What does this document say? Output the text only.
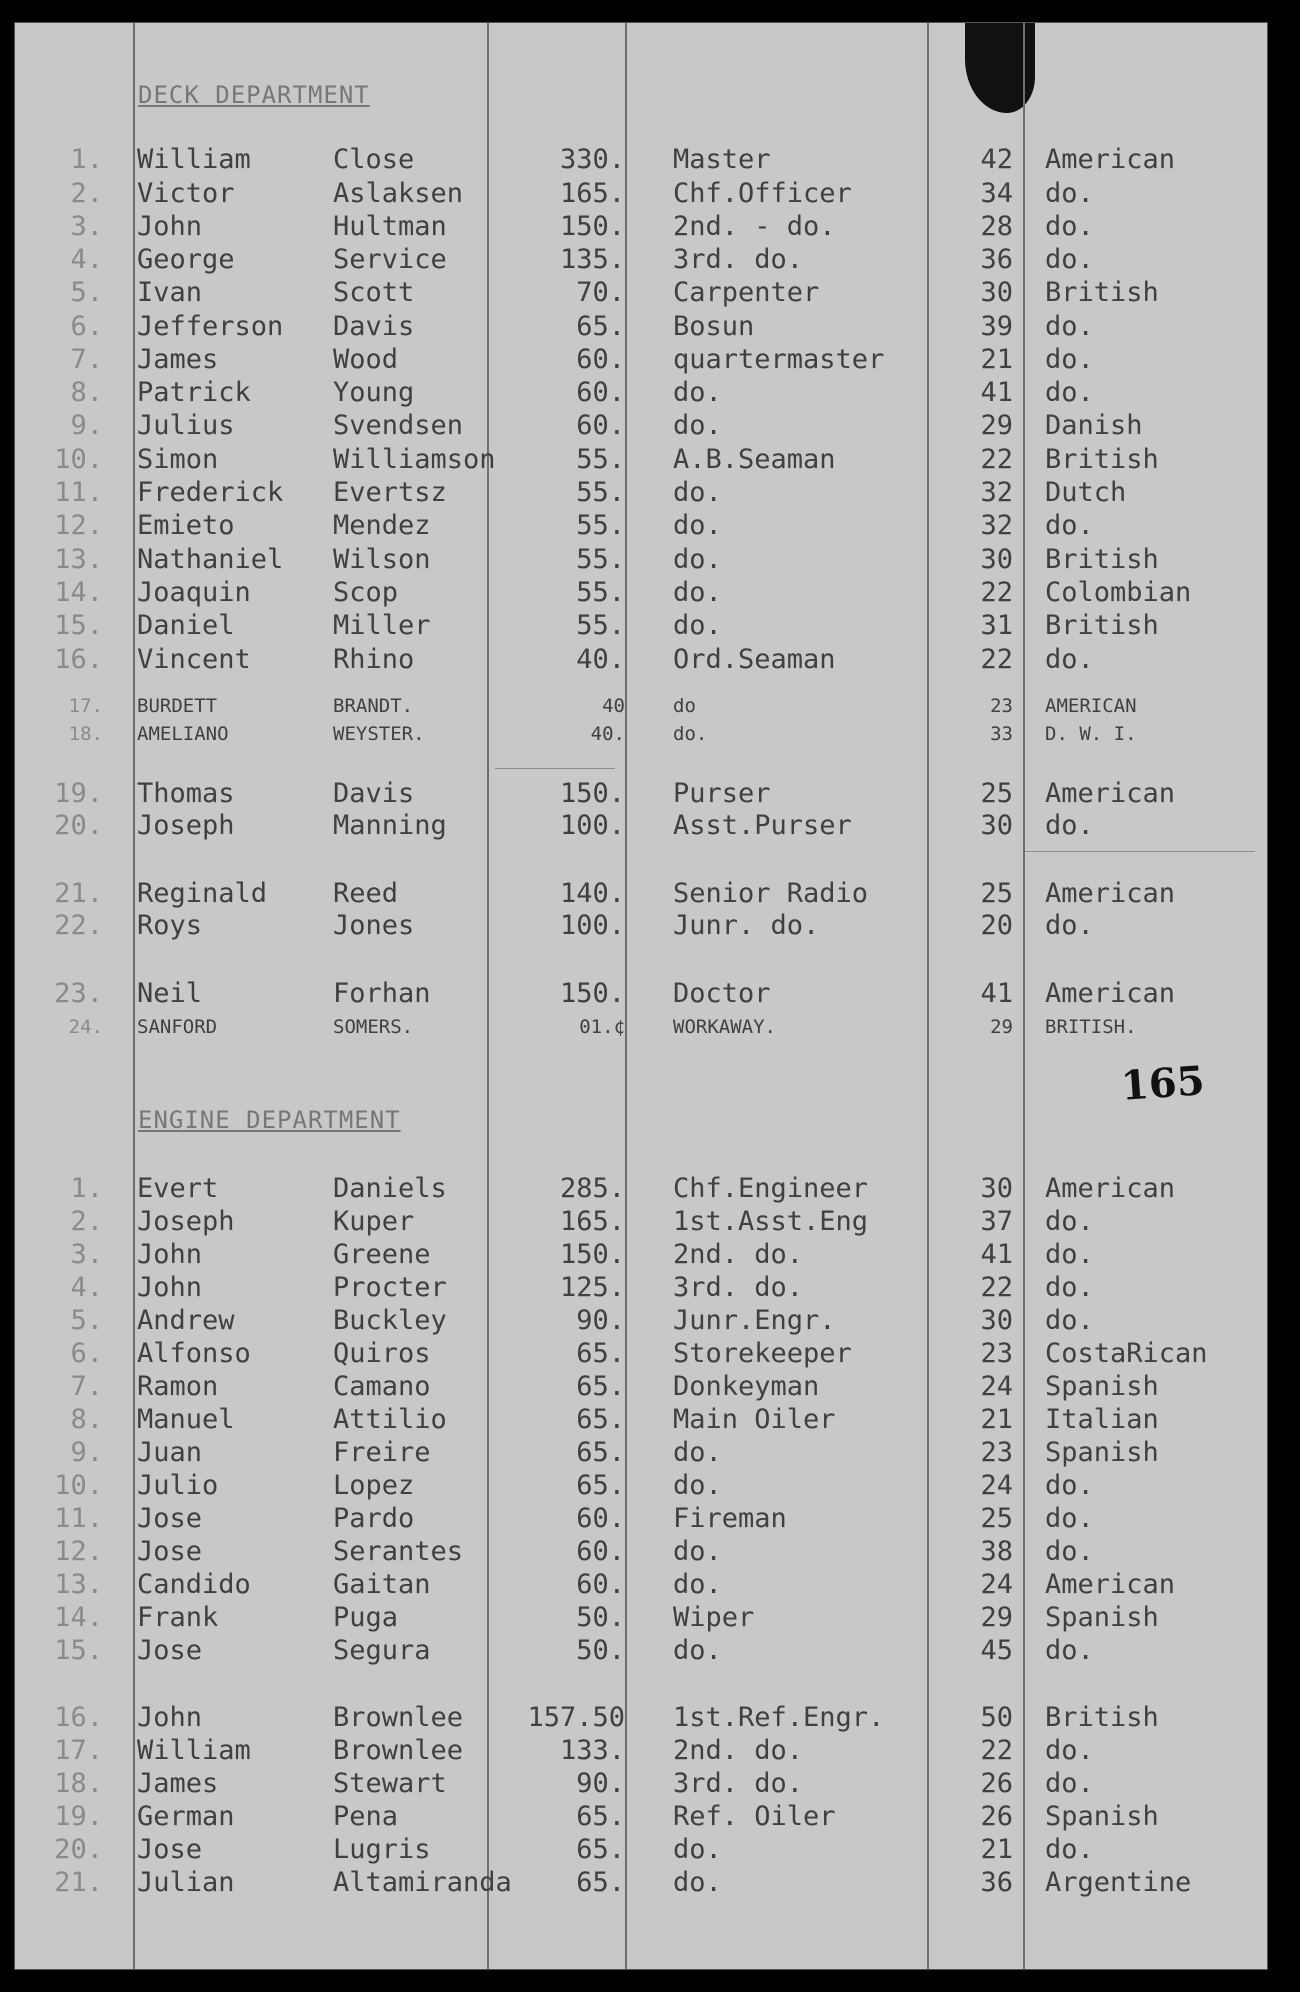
DECK DEPARTMENT
1. William	Close	330. Master	42 American
2. Victor	Aslaksen	165. Chf.Officer	34 do.
3. John	Hultman	150. 2nd. - do.	28 do.
4. George	Service	135. 3rd. do.	36 do.
5. Ivan	Scott	70. Carpenter	30 British
6. Jefferson Davis	65. Bosun	39 do.
7. James	Wood	60. quartermaster	21 do.
8. Patrick	Young	60. do.	41 do.
9. Julius	Svendsen	60. do.	29 Danish
10. Simon	Williamson	55. A.B.Seaman	22 British
11. Frederick Evertsz	55. do.	32 Dutch
12. Emieto	Mendez	55. do.	32 do.
13. Nathaniel Wilson	55. do.	30 British
14. Joaquin	Scop	55. do.	22 Colombian
15. Daniel	Miller	55. do.	31 British
16. Vincent	Rhino	40. Ord.Seaman	22 do.
17. BURDETT	BRANDT.	40	do	23 AMERICAN
18. AMELIANO	WEYSTER.	40.	do.	33 D. W. I.
19. Thomas	Davis	150. Purser	25 American
20. Joseph	Manning	100. Asst.Purser	30 do.
21. Reginald Reed	140. Senior Radio	25 American
22. Roys	Jones	100. Junr. do.	20 do.
23. Neil	Forhan	150. Doctor	41 American
24. SANFORD	SOMERS.	01.¢	WORKAWAY.	29 BRITISH.
ENGINE DEPARTMENT
1. Evert	Daniels	285. Chf.Engineer	30 American
2. Joseph	Kuper	165. 1st.Asst.Eng	37 do.
3. John	Greene	150. 2nd. do.	41 do.
4. John	Procter	125. 3rd. do.	22 do.
5. Andrew	Buckley	90. Junr.Engr.	30 do.
6. Alfonso	Quiros	65. Storekeeper	23 CostaRican
7. Ramon	Camano	65. Donkeyman	24 Spanish
8. Manuel	Attilio	65. Main Oiler	21 Italian
9. Juan	Freire	65. do.	23 Spanish
10. Julio	Lopez	65. do.	24 do.
11. Jose	Pardo	60. Fireman	25 do.
12. Jose	Serantes	60. do.	38 do.
13. Candido	Gaitan	60. do.	24 American
14. Frank	Puga	50. Wiper	29 Spanish
15. Jose	Segura	50. do.	45 do.
16. John	Brownlee	157.50 1st.Ref.Engr.	50 British
17. William	Brownlee	133. 2nd. do.	22 do.
18. James	Stewart	90. 3rd. do.	26 do.
19. German	Pena	65. Ref. Oiler	26 Spanish
20. Jose	Lugris	65. do.	21 do.
21. Julian	Altamiranda	65. do.	36 Argentine
165
